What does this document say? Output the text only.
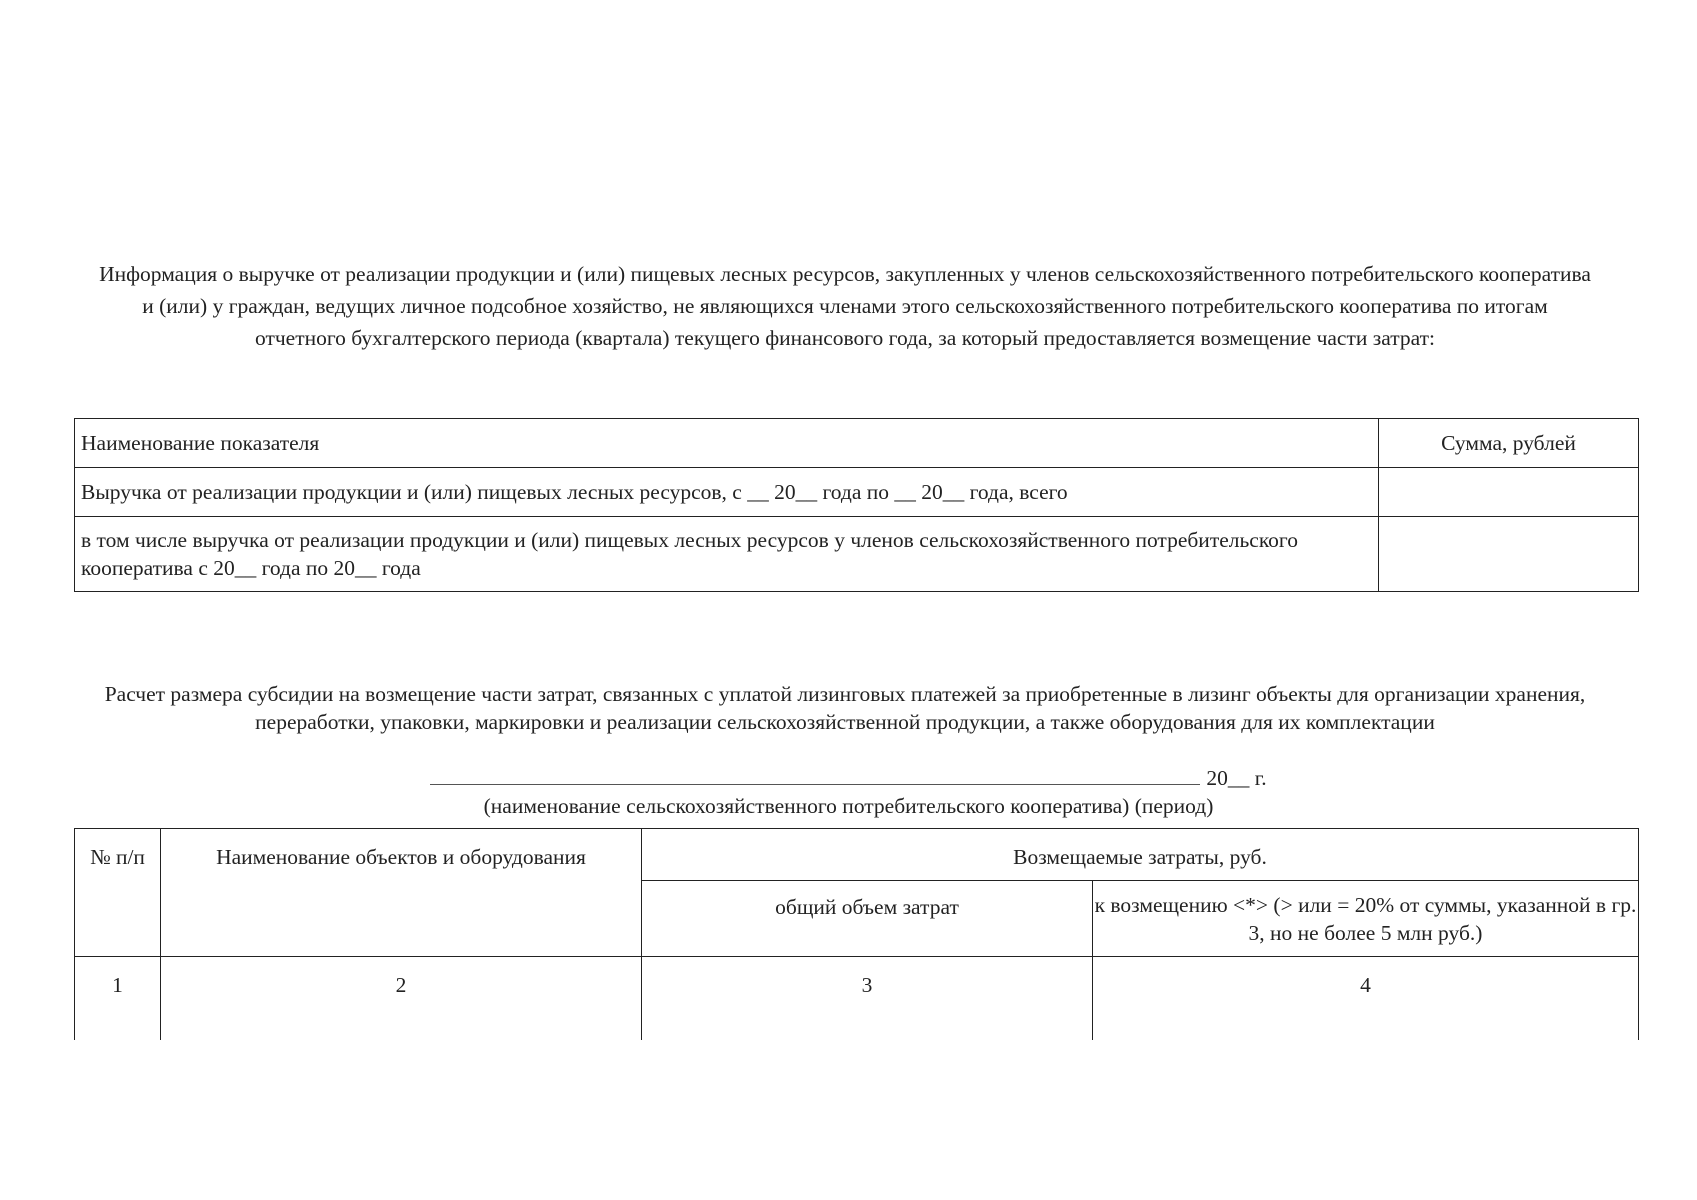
Информация о выручке от реализации продукции и (или) пищевых лесных ресурсов, закупленных у членов сельскохозяйственного потребительского кооператива и (или) у граждан, ведущих личное подсобное хозяйство, не являющихся членами этого сельскохозяйственного потребительского кооператива по итогам отчетного бухгалтерского периода (квартала) текущего финансового года, за который предоставляется возмещение части затрат:
Наименование показателя	Сумма, рублей
Выручка от реализации продукции и (или) пищевых лесных ресурсов, с __ 20__ года по __ 20__ года, всего	
в том числе выручка от реализации продукции и (или) пищевых лесных ресурсов у членов сельскохозяйственного потребительского кооператива с 20__ года по 20__ года	
Расчет размера субсидии на возмещение части затрат, связанных с уплатой лизинговых платежей за приобретенные в лизинг объекты для организации хранения, переработки, упаковки, маркировки и реализации сельскохозяйственной продукции, а также оборудования для их комплектации
20__ г.
(наименование сельскохозяйственного потребительского кооператива) (период)
№ п/п	Наименование объектов и оборудования	Возмещаемые затраты, руб.	
		общий объем затрат	к возмещению <*> (> или = 20% от суммы, указанной в гр. 3, но не более 5 млн руб.)
1	2	3	4
